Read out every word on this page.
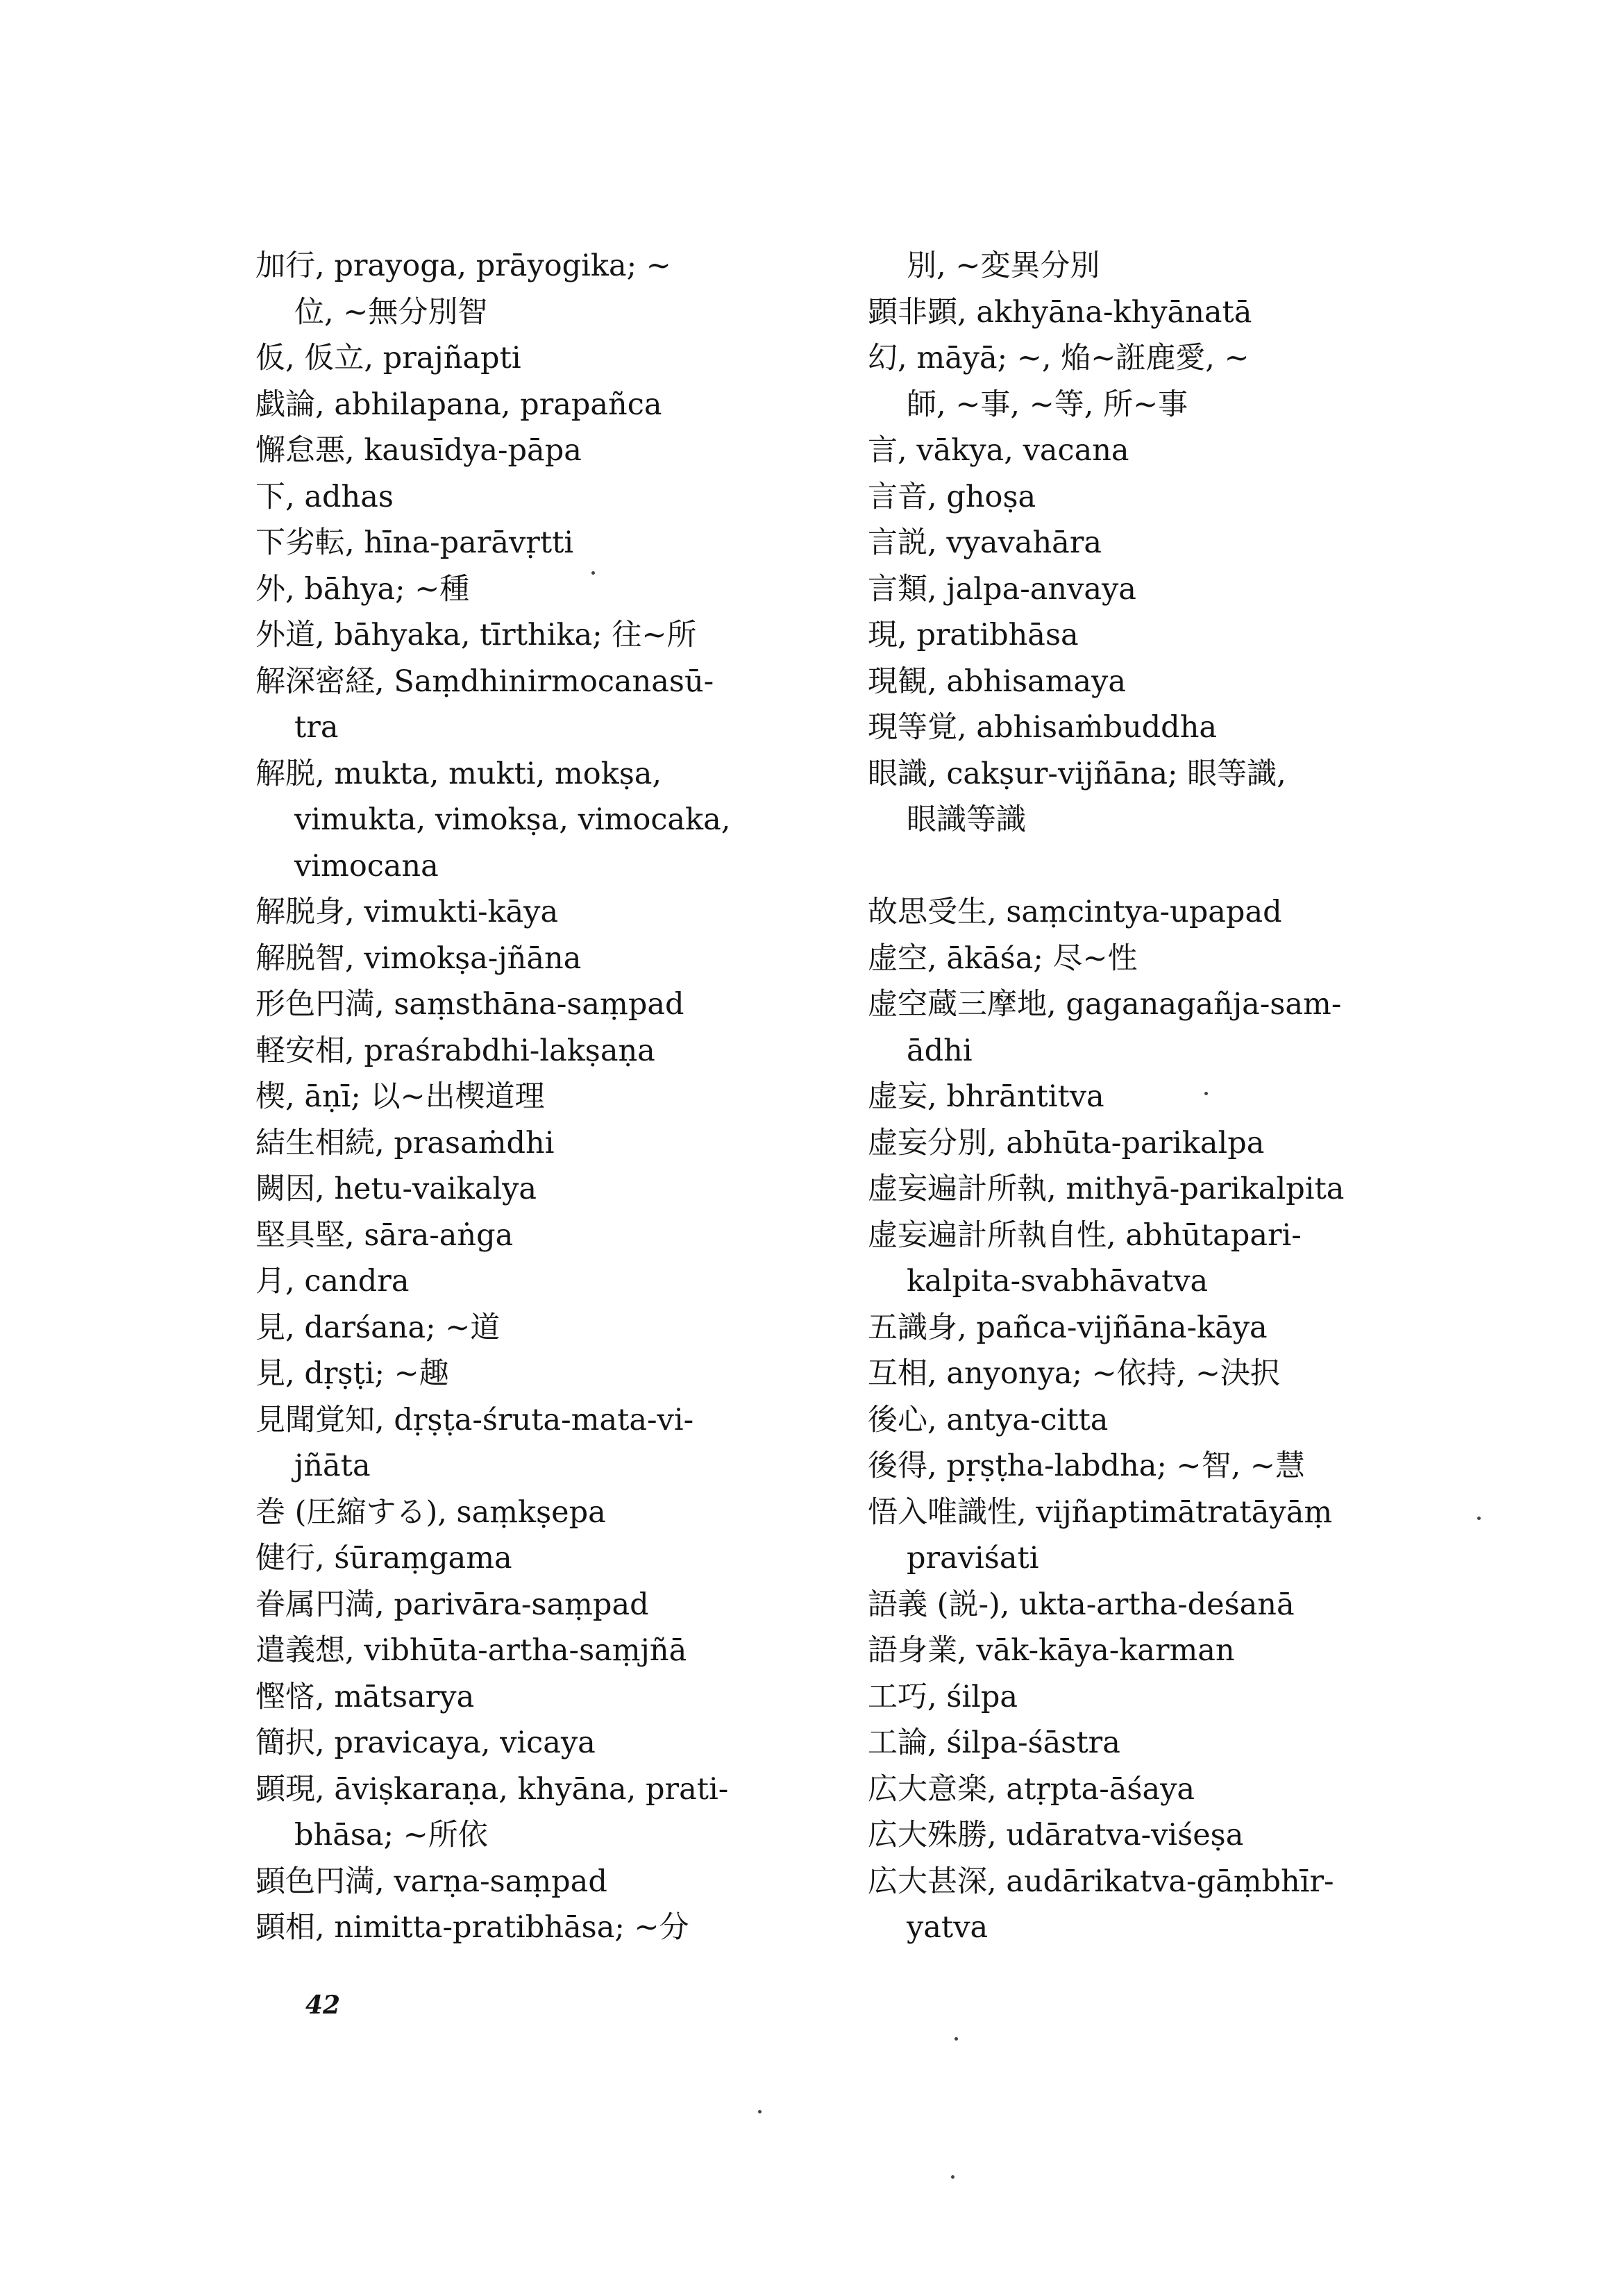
加行, prayoga, prāyogika; ~
位, ~無分別智
仮, 仮立, prajñapti
戯論, abhilapana, prapañca
懈怠悪, kausīdya-pāpa
下, adhas
下劣転, hīna-parāvṛtti
外, bāhya; ~種
外道, bāhyaka, tīrthika; 往~所
解深密経, Saṃdhinirmocanasū-
tra
解脱, mukta, mukti, mokṣa,
vimukta, vimokṣa, vimocaka,
vimocana
解脱身, vimukti-kāya
解脱智, vimokṣa-jñāna
形色円満, saṃsthāna-saṃpad
軽安相, praśrabdhi-lakṣaṇa
楔, āṇī; 以~出楔道理
結生相続, prasaṁdhi
闕因, hetu-vaikalya
堅具堅, sāra-aṅga
月, candra
見, darśana; ~道
見, dṛṣṭi; ~趣
見聞覚知, dṛṣṭa-śruta-mata-vi-
jñāta
巻 (圧縮する), saṃkṣepa
健行, śūraṃgama
眷属円満, parivāra-saṃpad
遣義想, vibhūta-artha-saṃjñā
慳悋, mātsarya
簡択, pravicaya, vicaya
顕現, āviṣkaraṇa, khyāna, prati-
bhāsa; ~所依
顕色円満, varṇa-saṃpad
顕相, nimitta-pratibhāsa; ~分
別, ~変異分別
顕非顕, akhyāna-khyānatā
幻, māyā; ~, 焔~誑鹿愛, ~
師, ~事, ~等, 所~事
言, vākya, vacana
言音, ghoṣa
言説, vyavahāra
言類, jalpa-anvaya
現, pratibhāsa
現観, abhisamaya
現等覚, abhisaṁbuddha
眼識, cakṣur-vijñāna; 眼等識,
眼識等識
故思受生, saṃcintya-upapad
虚空, ākāśa; 尽~性
虚空蔵三摩地, gaganagañja-sam-
ādhi
虚妄, bhrāntitva
虚妄分別, abhūta-parikalpa
虚妄遍計所執, mithyā-parikalpita
虚妄遍計所執自性, abhūtapari-
kalpita-svabhāvatva
五識身, pañca-vijñāna-kāya
互相, anyonya; ~依持, ~決択
後心, antya-citta
後得, pṛṣṭha-labdha; ~智, ~慧
悟入唯識性, vijñaptimātratāyāṃ
praviśati
語義 (説-), ukta-artha-deśanā
語身業, vāk-kāya-karman
工巧, śilpa
工論, śilpa-śāstra
広大意楽, atṛpta-āśaya
広大殊勝, udāratva-viśeṣa
広大甚深, audārikatva-gāṃbhīr-
yatva
42
